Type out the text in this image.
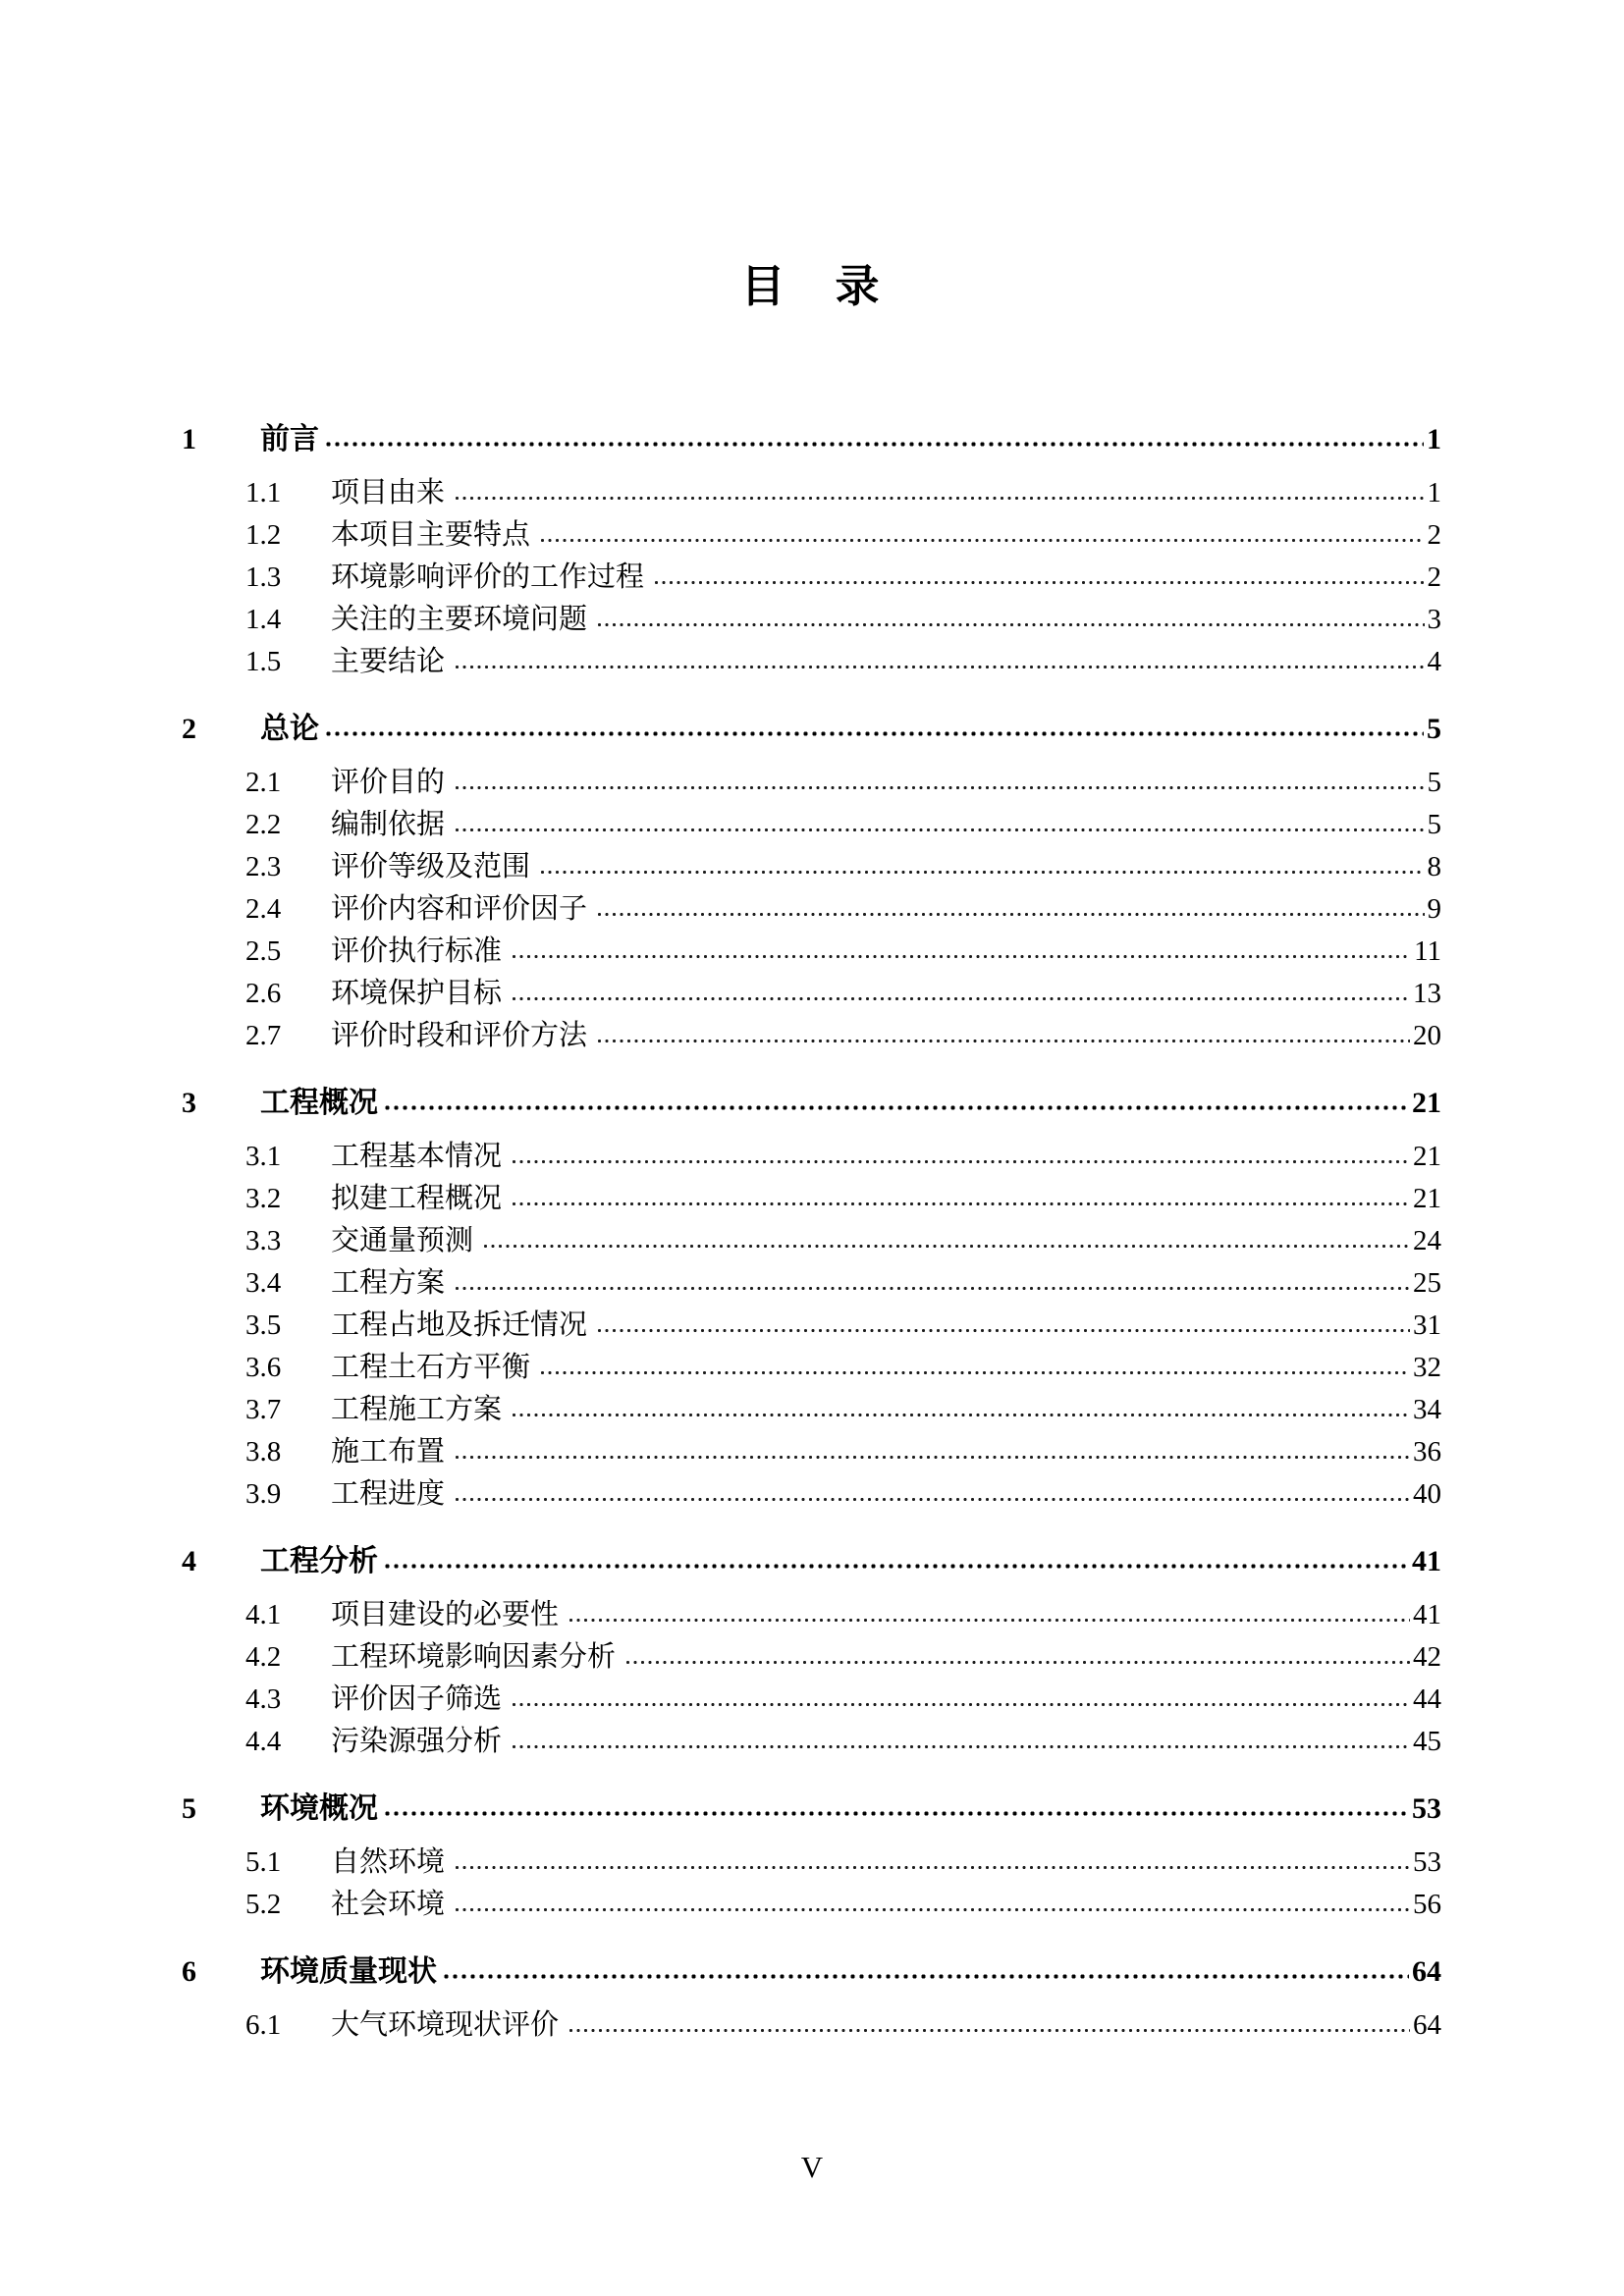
目　录
1	前言	1
1.1	项目由来	1
1.2	本项目主要特点	2
1.3	环境影响评价的工作过程	2
1.4	关注的主要环境问题	3
1.5	主要结论	4
2	总论	5
2.1	评价目的	5
2.2	编制依据	5
2.3	评价等级及范围	8
2.4	评价内容和评价因子	9
2.5	评价执行标准	11
2.6	环境保护目标	13
2.7	评价时段和评价方法	20
3	工程概况	21
3.1	工程基本情况	21
3.2	拟建工程概况	21
3.3	交通量预测	24
3.4	工程方案	25
3.5	工程占地及拆迁情况	31
3.6	工程土石方平衡	32
3.7	工程施工方案	34
3.8	施工布置	36
3.9	工程进度	40
4	工程分析	41
4.1	项目建设的必要性	41
4.2	工程环境影响因素分析	42
4.3	评价因子筛选	44
4.4	污染源强分析	45
5	环境概况	53
5.1	自然环境	53
5.2	社会环境	56
6	环境质量现状	64
6.1	大气环境现状评价	64
V
